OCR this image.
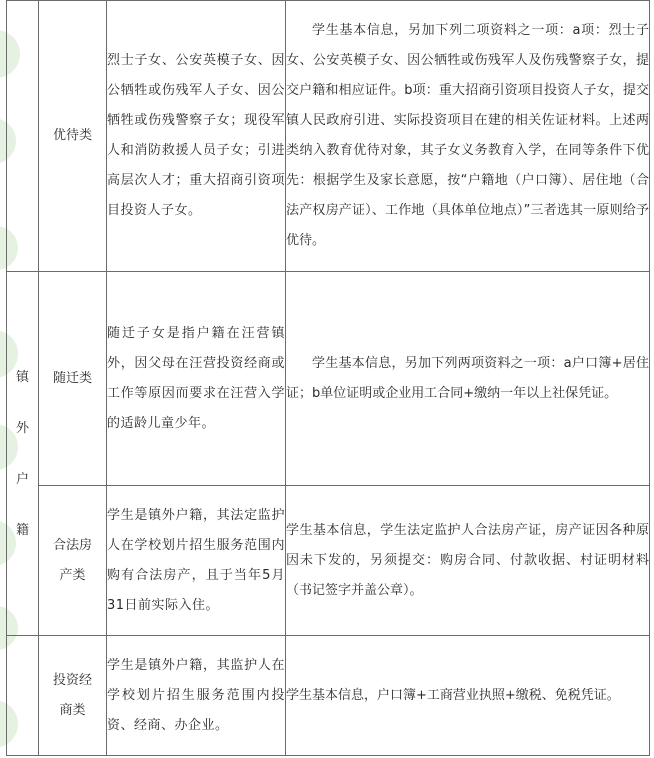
	优待类	烈士子女、公安英模子女、因公牺牲或伤残军人子女、因公牺牲或伤残警察子女；现役军人和消防救援人员子女；引进高层次人才；重大招商引资项目投资人子女。	学生基本信息，另加下列二项资料之一项：a项：烈士子女、公安英模子女、因公牺牲或伤残军人及伤残警察子女，提交户籍和相应证件。b项：重大招商引资项目投资人子女，提交镇人民政府引进、实际投资项目在建的相关佐证材料。上述两类纳入教育优待对象，其子女义务教育入学，在同等条件下优先：根据学生及家长意愿，按“户籍地（户口簿）、居住地（合法产权房产证）、工作地（具体单位地点）”三者选其一原则给予优待。

镇
外
户
籍	随迁类	随迁子女是指户籍在汪营镇外，因父母在汪营投资经商或工作等原因而要求在汪营入学的适龄儿童少年。	学生基本信息，另加下列两项资料之一项：a户口簿+居住证；b单位证明或企业用工合同+缴纳一年以上社保凭证。
	合法房产类	学生是镇外户籍，其法定监护人在学校划片招生服务范围内购有合法房产，且于当年5月31日前实际入住。	学生基本信息，学生法定监护人合法房产证，房产证因各种原因未下发的，另须提交：购房合同、付款收据、村证明材料（书记签字并盖公章）。
	投资经商类	学生是镇外户籍，其监护人在学校划片招生服务范围内投资、经商、办企业。	学生基本信息，户口簿+工商营业执照+缴税、免税凭证。
